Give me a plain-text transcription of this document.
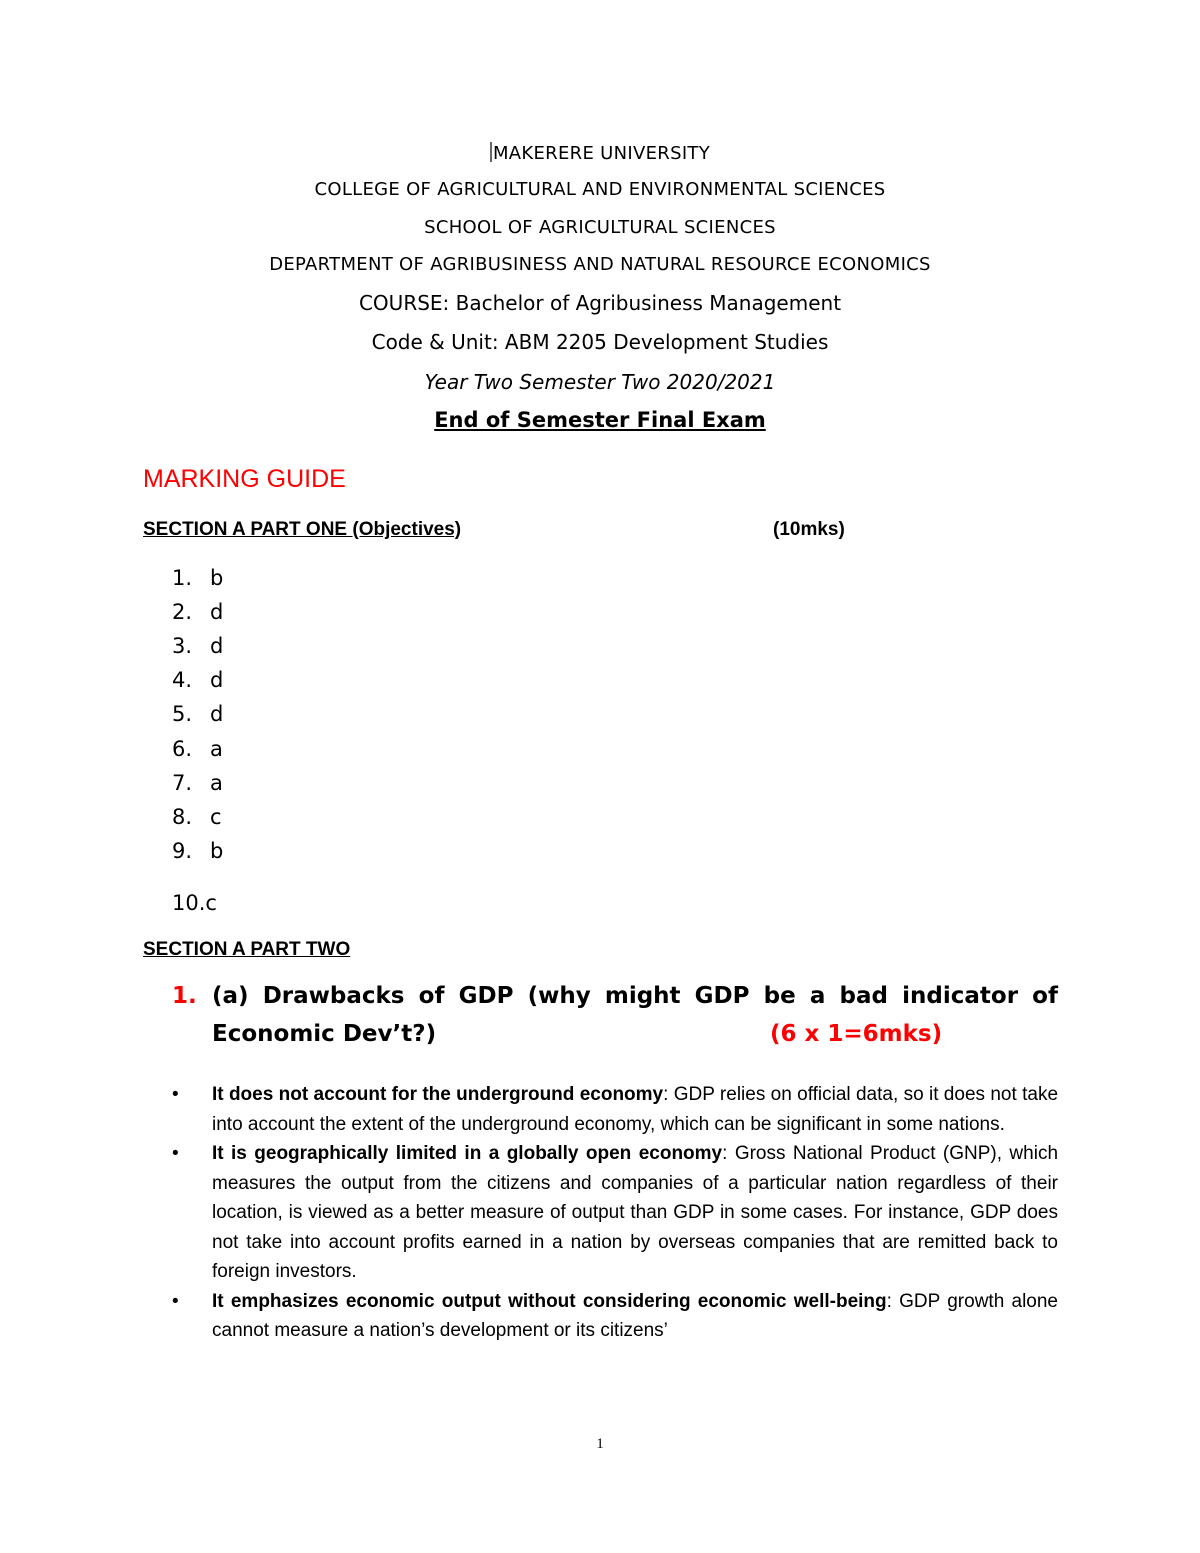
MAKERERE UNIVERSITY
COLLEGE OF AGRICULTURAL AND ENVIRONMENTAL SCIENCES
SCHOOL OF AGRICULTURAL SCIENCES
DEPARTMENT OF AGRIBUSINESS AND NATURAL RESOURCE ECONOMICS
COURSE: Bachelor of Agribusiness Management
Code & Unit: ABM 2205 Development Studies
Year Two Semester Two 2020/2021
End of Semester Final Exam
MARKING GUIDE
SECTION A PART ONE (Objectives)	(10mks)
1. b
2. d
3. d
4. d
5. d
6. a
7. a
8. c
9. b
10.c
SECTION A PART TWO
1. (a) Drawbacks of GDP (why might GDP be a bad indicator of
Economic Dev’t?)	(6 x 1=6mks)
• It does not account for the underground economy: GDP relies on official data, so it does not take into account the extent of the underground economy, which can be significant in some nations.
• It is geographically limited in a globally open economy: Gross National Product (GNP), which measures the output from the citizens and companies of a particular nation regardless of their location, is viewed as a better measure of output than GDP in some cases. For instance, GDP does not take into account profits earned in a nation by overseas companies that are remitted back to foreign investors.
• It emphasizes economic output without considering economic well-being: GDP growth alone cannot measure a nation’s development or its citizens’
1
